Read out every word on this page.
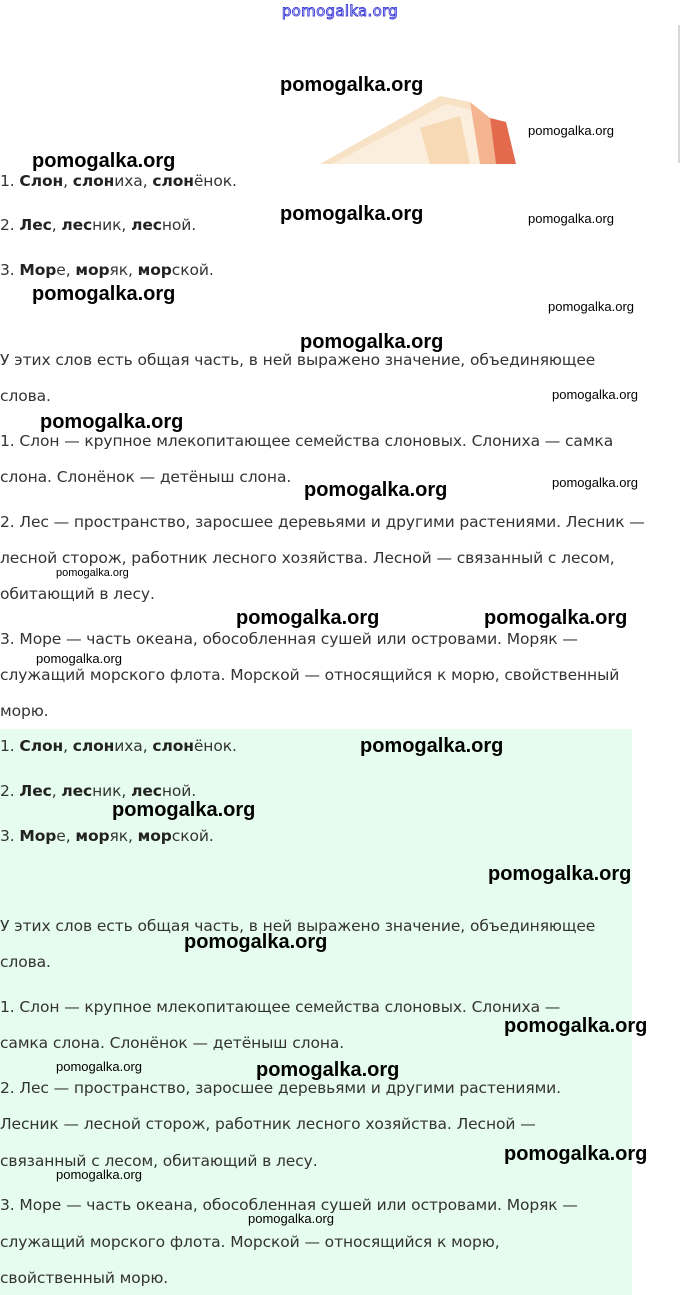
pomogalka.org
1. Слон, слониха, слонёнок.
2. Лес, лесник, лесной.
3. Море, моряк, морской.
У этих слов есть общая часть, в ней выражено значение, объединяющее
слова.
1. Слон — крупное млекопитающее семейства слоновых. Слониха — самка
слона. Слонёнок — детёныш слона.
2. Лес — пространство, заросшее деревьями и другими растениями. Лесник —
лесной сторож, работник лесного хозяйства. Лесной — связанный с лесом,
обитающий в лесу.
3. Море — часть океана, обособленная сушей или островами. Моряк —
служащий морского флота. Морской — относящийся к морю, свойственный
морю.
1. Слон, слониха, слонёнок.
2. Лес, лесник, лесной.
3. Море, моряк, морской.
У этих слов есть общая часть, в ней выражено значение, объединяющее
слова.
1. Слон — крупное млекопитающее семейства слоновых. Слониха —
самка слона. Слонёнок — детёныш слона.
2. Лес — пространство, заросшее деревьями и другими растениями.
Лесник — лесной сторож, работник лесного хозяйства. Лесной —
связанный с лесом, обитающий в лесу.
3. Море — часть океана, обособленная сушей или островами. Моряк —
служащий морского флота. Морской — относящийся к морю,
свойственный морю.
pomogalka.org
pomogalka.org
pomogalka.org
pomogalka.org	pomogalka.org
pomogalka.org
pomogalka.org
pomogalka.org
pomogalka.org
pomogalka.org
pomogalka.org	pomogalka.org
pomogalka.org
pomogalka.org	pomogalka.org
pomogalka.org
pomogalka.org
pomogalka.org
pomogalka.org
pomogalka.org
pomogalka.org
pomogalka.org	pomogalka.org
pomogalka.org
pomogalka.org
pomogalka.org
